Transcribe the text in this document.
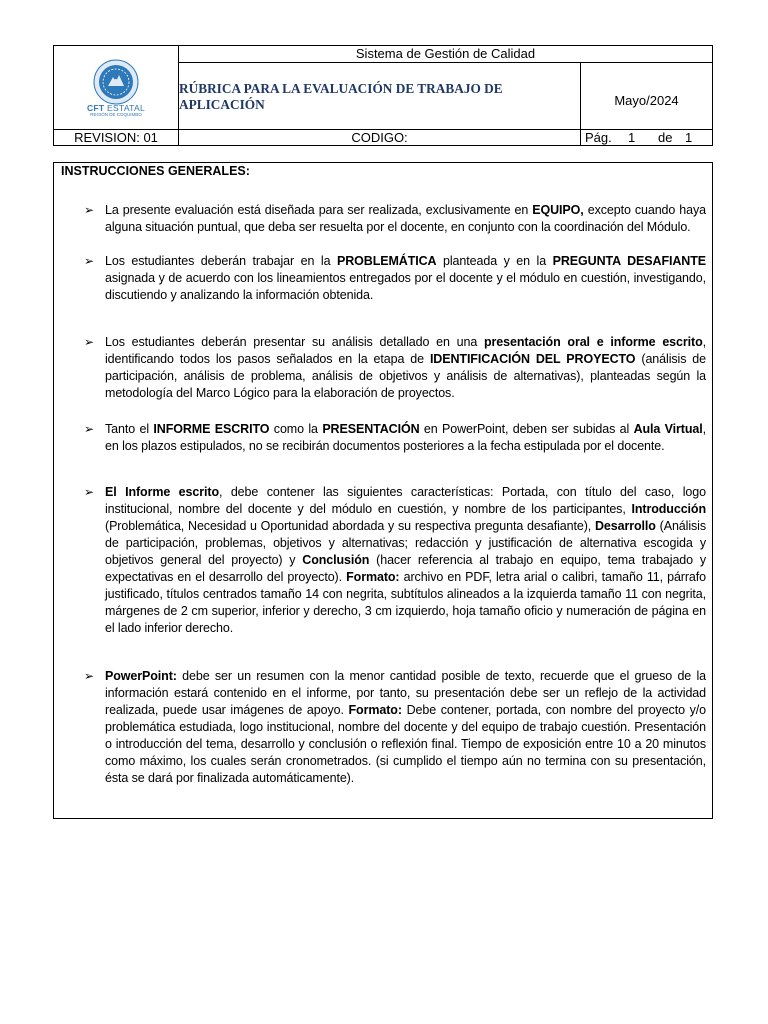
CFT ESTATAL
REGIÓN DE COQUIMBO
Sistema de Gestión de Calidad
RÚBRICA PARA LA EVALUACIÓN DE TRABAJO DE APLICACIÓN	Mayo/2024
REVISION: 01	CODIGO:	Pág. 1 de 1
INSTRUCCIONES GENERALES:
➢ La presente evaluación está diseñada para ser realizada, exclusivamente en EQUIPO, excepto cuando haya alguna situación puntual, que deba ser resuelta por el docente, en conjunto con la coordinación del Módulo.
➢ Los estudiantes deberán trabajar en la PROBLEMÁTICA planteada y en la PREGUNTA DESAFIANTE asignada y de acuerdo con los lineamientos entregados por el docente y el módulo en cuestión, investigando, discutiendo y analizando la información obtenida.
➢ Los estudiantes deberán presentar su análisis detallado en una presentación oral e informe escrito, identificando todos los pasos señalados en la etapa de IDENTIFICACIÓN DEL PROYECTO (análisis de participación, análisis de problema, análisis de objetivos y análisis de alternativas), planteadas según la metodología del Marco Lógico para la elaboración de proyectos.
➢ Tanto el INFORME ESCRITO como la PRESENTACIÓN en PowerPoint, deben ser subidas al Aula Virtual, en los plazos estipulados, no se recibirán documentos posteriores a la fecha estipulada por el docente.
➢ El Informe escrito, debe contener las siguientes características: Portada, con título del caso, logo institucional, nombre del docente y del módulo en cuestión, y nombre de los participantes, Introducción (Problemática, Necesidad u Oportunidad abordada y su respectiva pregunta desafiante), Desarrollo (Análisis de participación, problemas, objetivos y alternativas; redacción y justificación de alternativa escogida y objetivos general del proyecto) y Conclusión (hacer referencia al trabajo en equipo, tema trabajado y expectativas en el desarrollo del proyecto). Formato: archivo en PDF, letra arial o calibri, tamaño 11, párrafo justificado, títulos centrados tamaño 14 con negrita, subtítulos alineados a la izquierda tamaño 11 con negrita, márgenes de 2 cm superior, inferior y derecho, 3 cm izquierdo, hoja tamaño oficio y numeración de página en el lado inferior derecho.
➢ PowerPoint: debe ser un resumen con la menor cantidad posible de texto, recuerde que el grueso de la información estará contenido en el informe, por tanto, su presentación debe ser un reflejo de la actividad realizada, puede usar imágenes de apoyo. Formato: Debe contener, portada, con nombre del proyecto y/o problemática estudiada, logo institucional, nombre del docente y del equipo de trabajo cuestión. Presentación o introducción del tema, desarrollo y conclusión o reflexión final. Tiempo de exposición entre 10 a 20 minutos como máximo, los cuales serán cronometrados. (si cumplido el tiempo aún no termina con su presentación, ésta se dará por finalizada automáticamente).
